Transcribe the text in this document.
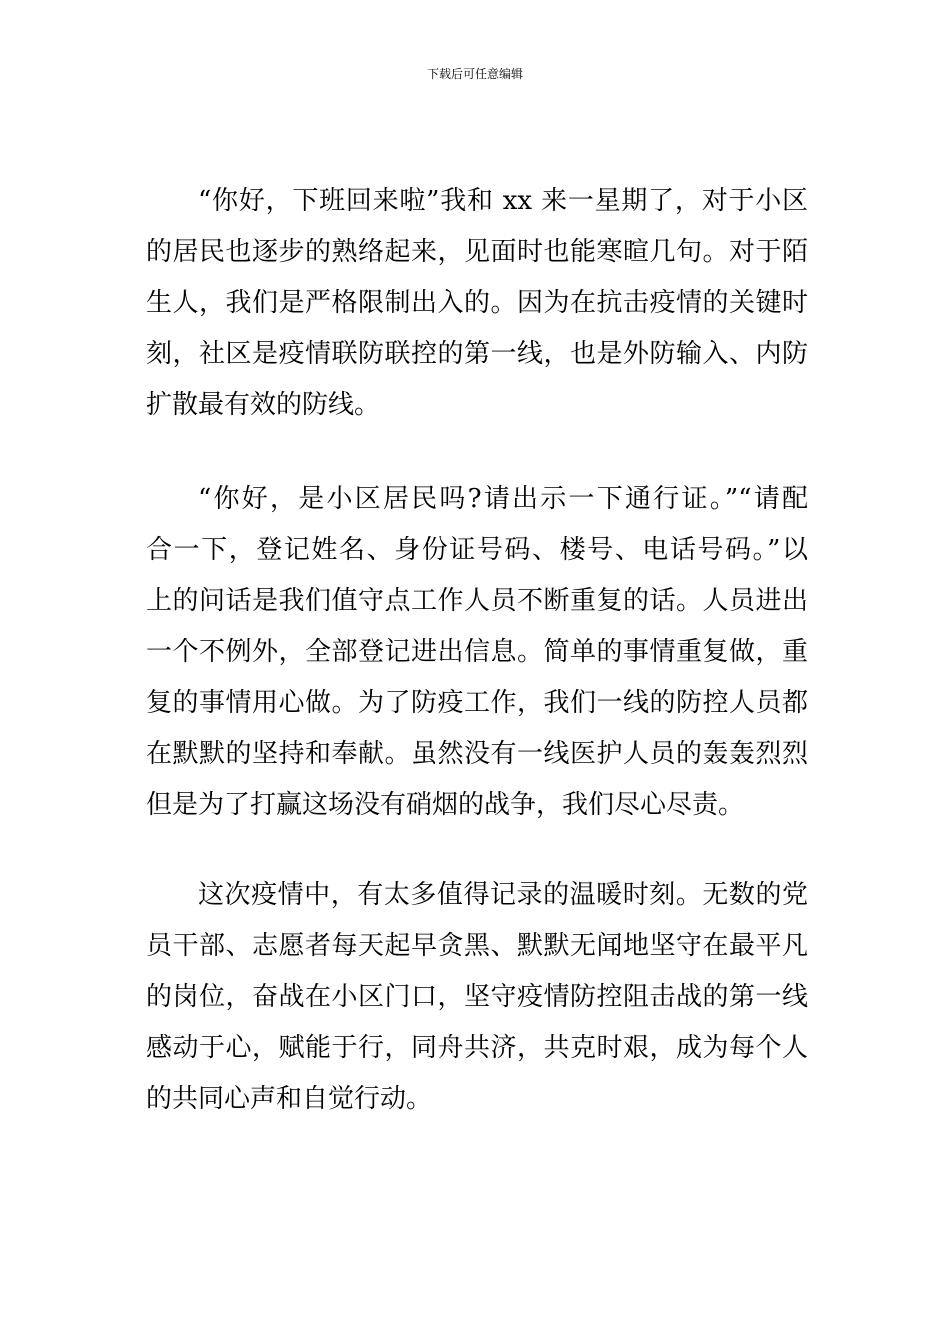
下载后可任意编辑
“你好，下班回来啦”我和 xx 来一星期了，对于小区
的居民也逐步的熟络起来，见面时也能寒暄几句。对于陌
生人，我们是严格限制出入的。因为在抗击疫情的关键时
刻，社区是疫情联防联控的第一线，也是外防输入、内防
扩散最有效的防线。
“你好，是小区居民吗?请出示一下通行证。”“请配
合一下，登记姓名、身份证号码、楼号、电话号码。”以
上的问话是我们值守点工作人员不断重复的话。人员进出
一个不例外，全部登记进出信息。简单的事情重复做，重
复的事情用心做。为了防疫工作，我们一线的防控人员都
在默默的坚持和奉献。虽然没有一线医护人员的轰轰烈烈
但是为了打赢这场没有硝烟的战争，我们尽心尽责。
这次疫情中，有太多值得记录的温暖时刻。无数的党
员干部、志愿者每天起早贪黑、默默无闻地坚守在最平凡
的岗位，奋战在小区门口，坚守疫情防控阻击战的第一线
感动于心，赋能于行，同舟共济，共克时艰，成为每个人
的共同心声和自觉行动。
